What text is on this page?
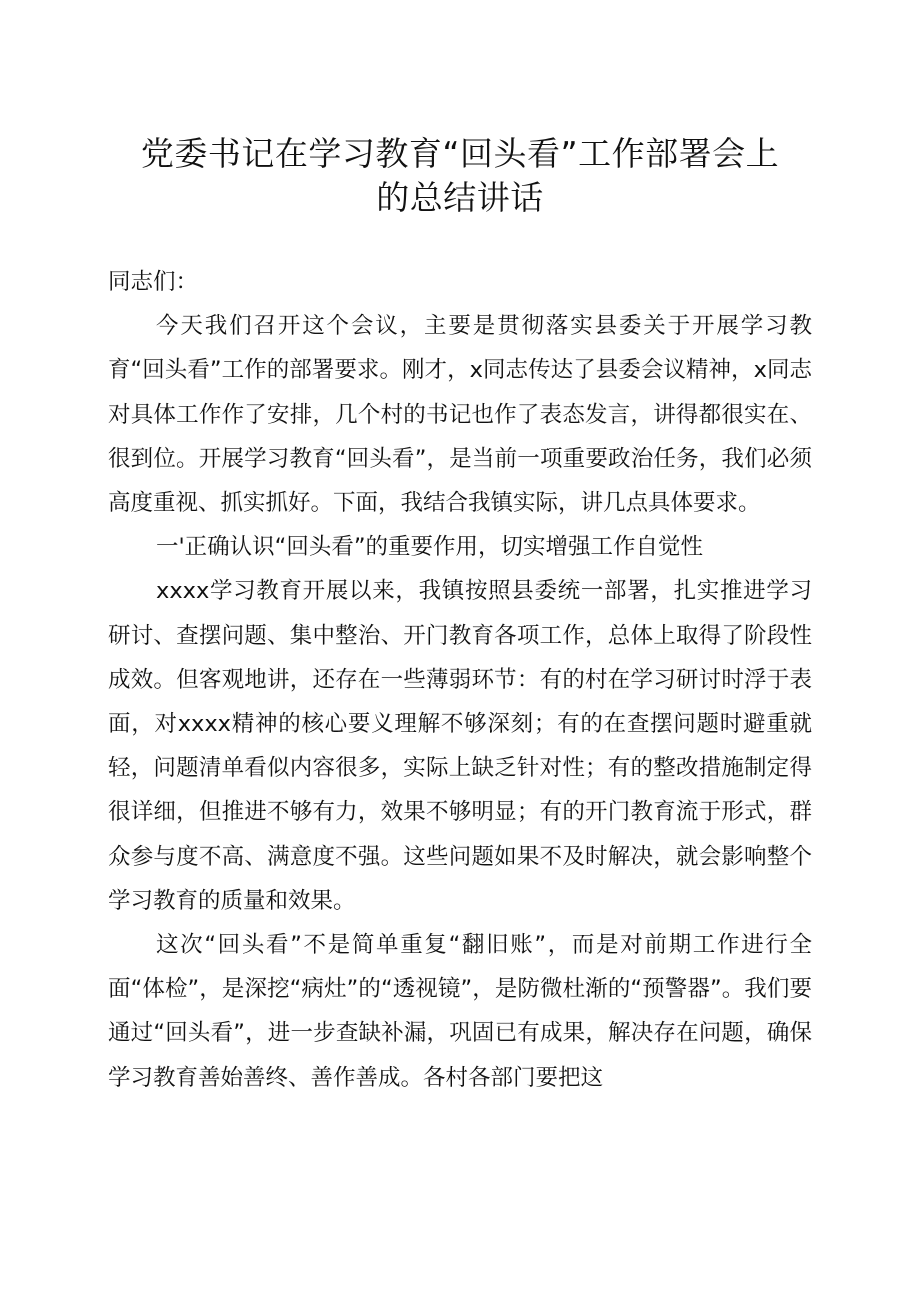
党委书记在学习教育“回头看”工作部署会上
的总结讲话

同志们：

今天我们召开这个会议，主要是贯彻落实县委关于开展学习教育“回头看”工作的部署要求。刚才，x同志传达了县委会议精神，x同志对具体工作作了安排，几个村的书记也作了表态发言，讲得都很实在、很到位。开展学习教育“回头看”，是当前一项重要政治任务，我们必须高度重视、抓实抓好。下面，我结合我镇实际，讲几点具体要求。

一'正确认识“回头看”的重要作用，切实增强工作自觉性

xxxx学习教育开展以来，我镇按照县委统一部署，扎实推进学习研讨、查摆问题、集中整治、开门教育各项工作，总体上取得了阶段性成效。但客观地讲，还存在一些薄弱环节：有的村在学习研讨时浮于表面，对xxxx精神的核心要义理解不够深刻；有的在查摆问题时避重就轻，问题清单看似内容很多，实际上缺乏针对性；有的整改措施制定得很详细，但推进不够有力，效果不够明显；有的开门教育流于形式，群众参与度不高、满意度不强。这些问题如果不及时解决，就会影响整个学习教育的质量和效果。

这次“回头看”不是简单重复“翻旧账”，而是对前期工作进行全面“体检”，是深挖“病灶”的“透视镜”，是防微杜渐的“预警器”。我们要通过“回头看”，进一步查缺补漏，巩固已有成果，解决存在问题，确保学习教育善始善终、善作善成。各村各部门要把这
